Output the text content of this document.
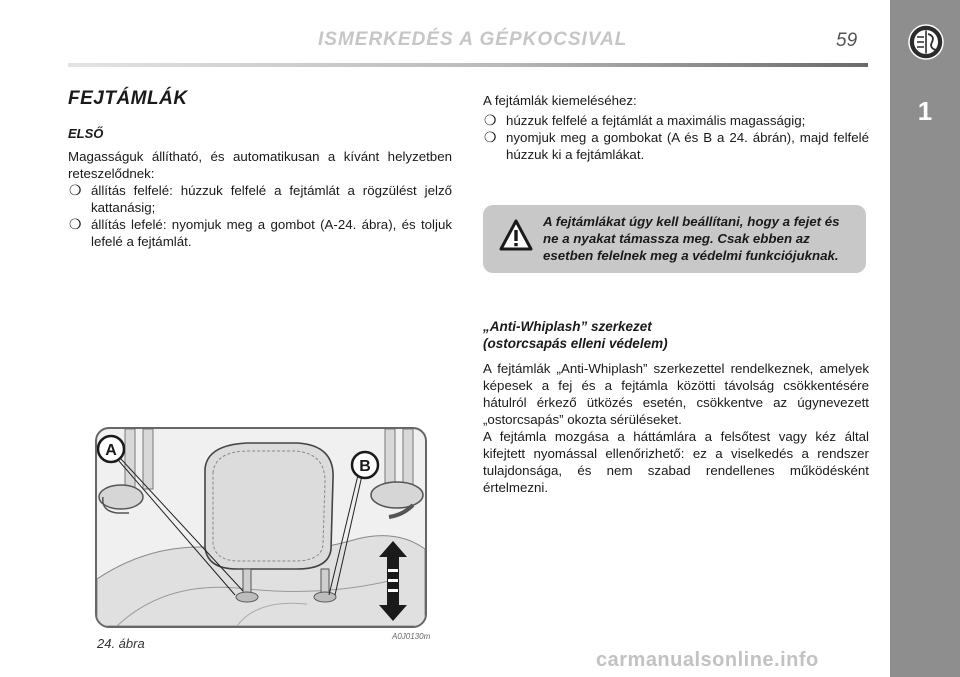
ISMERKEDÉS A GÉPKOCSIVAL	59
1
FEJTÁMLÁK
ELSŐ

Magasságuk állítható, és automatikusan a kívánt helyzetben reteszelődnek:

❍ állítás felfelé: húzzuk felfelé a fejtámlát a rögzülést jelző kattanásig;
❍ állítás lefelé: nyomjuk meg a gombot (A-24. ábra), és toljuk lefelé a fejtámlát.

A fejtámlák kiemeléséhez:

❍ húzzuk felfelé a fejtámlát a maximális magasságig;
❍ nyomjuk meg a gombokat (A és B a 24. ábrán), majd felfelé húzzuk ki a fejtámlákat.
A fejtámlákat úgy kell beállítani, hogy a fejet és ne a nyakat támassza meg. Csak ebben az esetben felelnek meg a védelmi funkciójuknak.
„Anti-Whiplash” szerkezet
(ostorcsapás elleni védelem)

A fejtámlák „Anti-Whiplash” szerkezettel rendelkeznek, amelyek képesek a fej és a fejtámla közötti távolság csökkentésére hátulról érkező ütközés esetén, csökkentve az úgynevezett „ostorcsapás” okozta sérüléseket.

A fejtámla mozgása a háttámlára a felsőtest vagy kéz által kifejtett nyomással ellenőrizhető: ez a viselkedés a rendszer tulajdonsága, és nem szabad rendellenes működésként értelmezni.

A
B
24. ábra	A0J0130m
carmanualsonline.info
